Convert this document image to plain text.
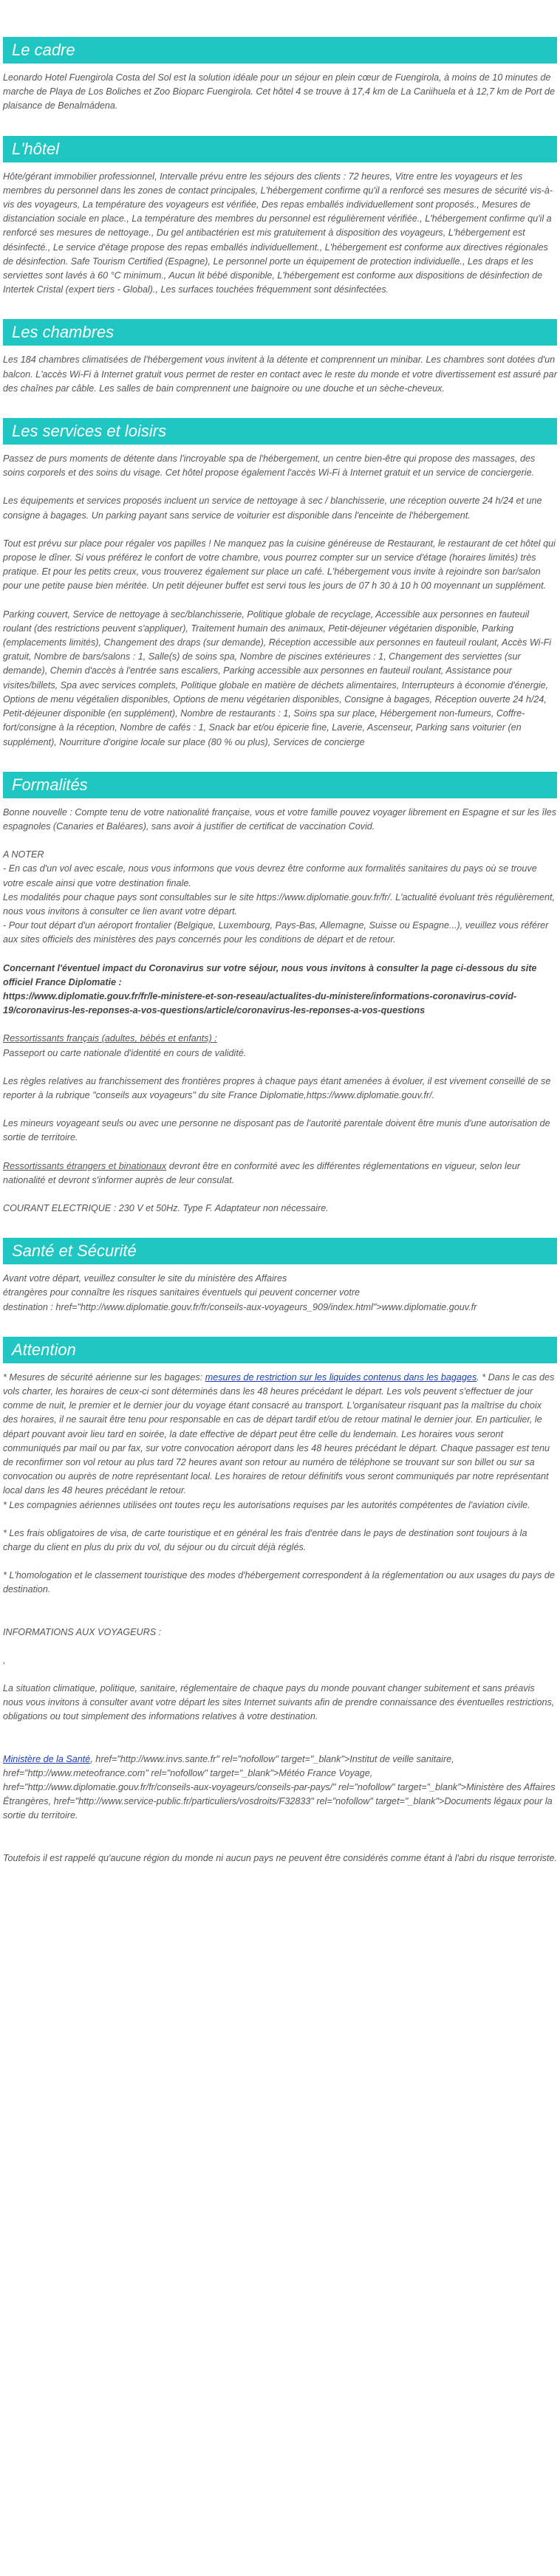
Le cadre

Leonardo Hotel Fuengirola Costa del Sol est la solution idéale pour un séjour en plein cœur de Fuengirola, à moins de 10 minutes de marche de Playa de Los Boliches et Zoo Bioparc Fuengirola. Cet hôtel 4 se trouve à 17,4 km de La Cariihuela et à 12,7 km de Port de plaisance de Benalmádena.

L'hôtel

Hôte/gérant immobilier professionnel, Intervalle prévu entre les séjours des clients : 72 heures, Vitre entre les voyageurs et les membres du personnel dans les zones de contact principales, L'hébergement confirme qu'il a renforcé ses mesures de sécurité vis-à-vis des voyageurs, La température des voyageurs est vérifiée, Des repas emballés individuellement sont proposés., Mesures de distanciation sociale en place., La température des membres du personnel est régulièrement vérifiée., L'hébergement confirme qu'il a renforcé ses mesures de nettoyage., Du gel antibactérien est mis gratuitement à disposition des voyageurs, L'hébergement est désinfecté., Le service d'étage propose des repas emballés individuellement., L'hébergement est conforme aux directives régionales de désinfection. Safe Tourism Certified (Espagne), Le personnel porte un équipement de protection individuelle., Les draps et les serviettes sont lavés à 60 °C minimum., Aucun lit bébé disponible, L'hébergement est conforme aux dispositions de désinfection de Intertek Cristal (expert tiers - Global)., Les surfaces touchées fréquemment sont désinfectées.

Les chambres

Les 184 chambres climatisées de l'hébergement vous invitent à la détente et comprennent un minibar. Les chambres sont dotées d'un balcon. L'accès Wi-Fi à Internet gratuit vous permet de rester en contact avec le reste du monde et votre divertissement est assuré par des chaînes par câble. Les salles de bain comprennent une baignoire ou une douche et un sèche-cheveux.

Les services et loisirs

Passez de purs moments de détente dans l'incroyable spa de l'hébergement, un centre bien-être qui propose des massages, des soins corporels et des soins du visage. Cet hôtel propose également l'accès Wi-Fi à Internet gratuit et un service de conciergerie.

Les équipements et services proposés incluent un service de nettoyage à sec / blanchisserie, une réception ouverte 24 h/24 et une consigne à bagages. Un parking payant sans service de voiturier est disponible dans l'enceinte de l'hébergement.

Tout est prévu sur place pour régaler vos papilles ! Ne manquez pas la cuisine généreuse de Restaurant, le restaurant de cet hôtel qui propose le dîner. Si vous préférez le confort de votre chambre, vous pourrez compter sur un service d'étage (horaires limités) très pratique. Et pour les petits creux, vous trouverez également sur place un café. L'hébergement vous invite à rejoindre son bar/salon pour une petite pause bien méritée. Un petit déjeuner buffet est servi tous les jours de 07 h 30 à 10 h 00 moyennant un supplément.

Parking couvert, Service de nettoyage à sec/blanchisserie, Politique globale de recyclage, Accessible aux personnes en fauteuil roulant (des restrictions peuvent s'appliquer), Traitement humain des animaux, Petit-déjeuner végétarien disponible, Parking (emplacements limités), Changement des draps (sur demande), Réception accessible aux personnes en fauteuil roulant, Accès Wi-Fi gratuit, Nombre de bars/salons : 1, Salle(s) de soins spa, Nombre de piscines extérieures : 1, Changement des serviettes (sur demande), Chemin d'accès à l'entrée sans escaliers, Parking accessible aux personnes en fauteuil roulant, Assistance pour visites/billets, Spa avec services complets, Politique globale en matière de déchets alimentaires, Interrupteurs à économie d'énergie, Options de menu végétalien disponibles, Options de menu végétarien disponibles, Consigne à bagages, Réception ouverte 24 h/24, Petit-déjeuner disponible (en supplément), Nombre de restaurants : 1, Soins spa sur place, Hébergement non-fumeurs, Coffre-fort/consigne à la réception, Nombre de cafés : 1, Snack bar et/ou épicerie fine, Laverie, Ascenseur, Parking sans voiturier (en supplément), Nourriture d'origine locale sur place (80 % ou plus), Services de concierge

Formalités

Bonne nouvelle : Compte tenu de votre nationalité française, vous et votre famille pouvez voyager librement en Espagne et sur les îles espagnoles (Canaries et Baléares), sans avoir à justifier de certificat de vaccination Covid.

A NOTER

- En cas d'un vol avec escale, nous vous informons que vous devrez être conforme aux formalités sanitaires du pays où se trouve votre escale ainsi que votre destination finale.

Les modalités pour chaque pays sont consultables sur le site https://www.diplomatie.gouv.fr/fr/. L'actualité évoluant très régulièrement, nous vous invitons à consulter ce lien avant votre départ.

- Pour tout départ d'un aéroport frontalier (Belgique, Luxembourg, Pays-Bas, Allemagne, Suisse ou Espagne...), veuillez vous référer aux sites officiels des ministères des pays concernés pour les conditions de départ et de retour.

Concernant l'éventuel impact du Coronavirus sur votre séjour, nous vous invitons à consulter la page ci-dessous du site officiel France Diplomatie :

https://www.diplomatie.gouv.fr/fr/le-ministere-et-son-reseau/actualites-du-ministere/informations-coronavirus-covid-19/coronavirus-les-reponses-a-vos-questions/article/coronavirus-les-reponses-a-vos-questions

Ressortissants français (adultes, bébés et enfants) :

Passeport ou carte nationale d'identité en cours de validité.

Les règles relatives au franchissement des frontières propres à chaque pays étant amenées à évoluer, il est vivement conseillé de se reporter à la rubrique "conseils aux voyageurs" du site France Diplomatie,https://www.diplomatie.gouv.fr/.

Les mineurs voyageant seuls ou avec une personne ne disposant pas de l'autorité parentale doivent être munis d'une autorisation de sortie de territoire.

Ressortissants étrangers et binationaux devront être en conformité avec les différentes réglementations en vigueur, selon leur nationalité et devront s'informer auprès de leur consulat.

COURANT ELECTRIQUE : 230 V et 50Hz. Type F. Adaptateur non nécessaire.

Santé et Sécurité

Avant votre départ, veuillez consulter le site du ministère des Affaires

étrangères pour connaître les risques sanitaires éventuels qui peuvent concerner votre

destination : href="http://www.diplomatie.gouv.fr/fr/conseils-aux-voyageurs_909/index.html">www.diplomatie.gouv.fr

Attention

* Mesures de sécurité aérienne sur les bagages: mesures de restriction sur les liquides contenus dans les bagages. * Dans le cas des vols charter, les horaires de ceux-ci sont déterminés dans les 48 heures précédant le départ. Les vols peuvent s'effectuer de jour comme de nuit, le premier et le dernier jour du voyage étant consacré au transport. L'organisateur risquant pas la maîtrise du choix des horaires, il ne saurait être tenu pour responsable en cas de départ tardif et/ou de retour matinal le dernier jour. En particulier, le départ pouvant avoir lieu tard en soirée, la date effective de départ peut être celle du lendemain. Les horaires vous seront communiqués par mail ou par fax, sur votre convocation aéroport dans les 48 heures précédant le départ. Chaque passager est tenu de reconfirmer son vol retour au plus tard 72 heures avant son retour au numéro de téléphone se trouvant sur son billet ou sur sa convocation ou auprès de notre représentant local. Les horaires de retour définitifs vous seront communiqués par notre représentant local dans les 48 heures précédant le retour.

* Les compagnies aériennes utilisées ont toutes reçu les autorisations requises par les autorités compétentes de l'aviation civile.

* Les frais obligatoires de visa, de carte touristique et en général les frais d'entrée dans le pays de destination sont toujours à la charge du client en plus du prix du vol, du séjour ou du circuit déjà réglés.

* L'homologation et le classement touristique des modes d'hébergement correspondent à la réglementation ou aux usages du pays de destination.

INFORMATIONS AUX VOYAGEURS :

,

La situation climatique, politique, sanitaire, réglementaire de chaque pays du monde pouvant changer subitement et sans préavis

nous vous invitons à consulter avant votre départ les sites Internet suivants afin de prendre connaissance des éventuelles restrictions, obligations ou tout simplement des informations relatives à votre destination.

Ministère de la Santé, href="http://www.invs.sante.fr" rel="nofollow" target="_blank">Institut de veille sanitaire, href="http://www.meteofrance.com" rel="nofollow" target="_blank">Météo France Voyage, href="http://www.diplomatie.gouv.fr/fr/conseils-aux-voyageurs/conseils-par-pays/" rel="nofollow" target="_blank">Ministère des Affaires Étrangères, href="http://www.service-public.fr/particuliers/vosdroits/F32833" rel="nofollow" target="_blank">Documents légaux pour la sortie du territoire.

Toutefois il est rappelé qu'aucune région du monde ni aucun pays ne peuvent être considérés comme étant à l'abri du risque terroriste.
